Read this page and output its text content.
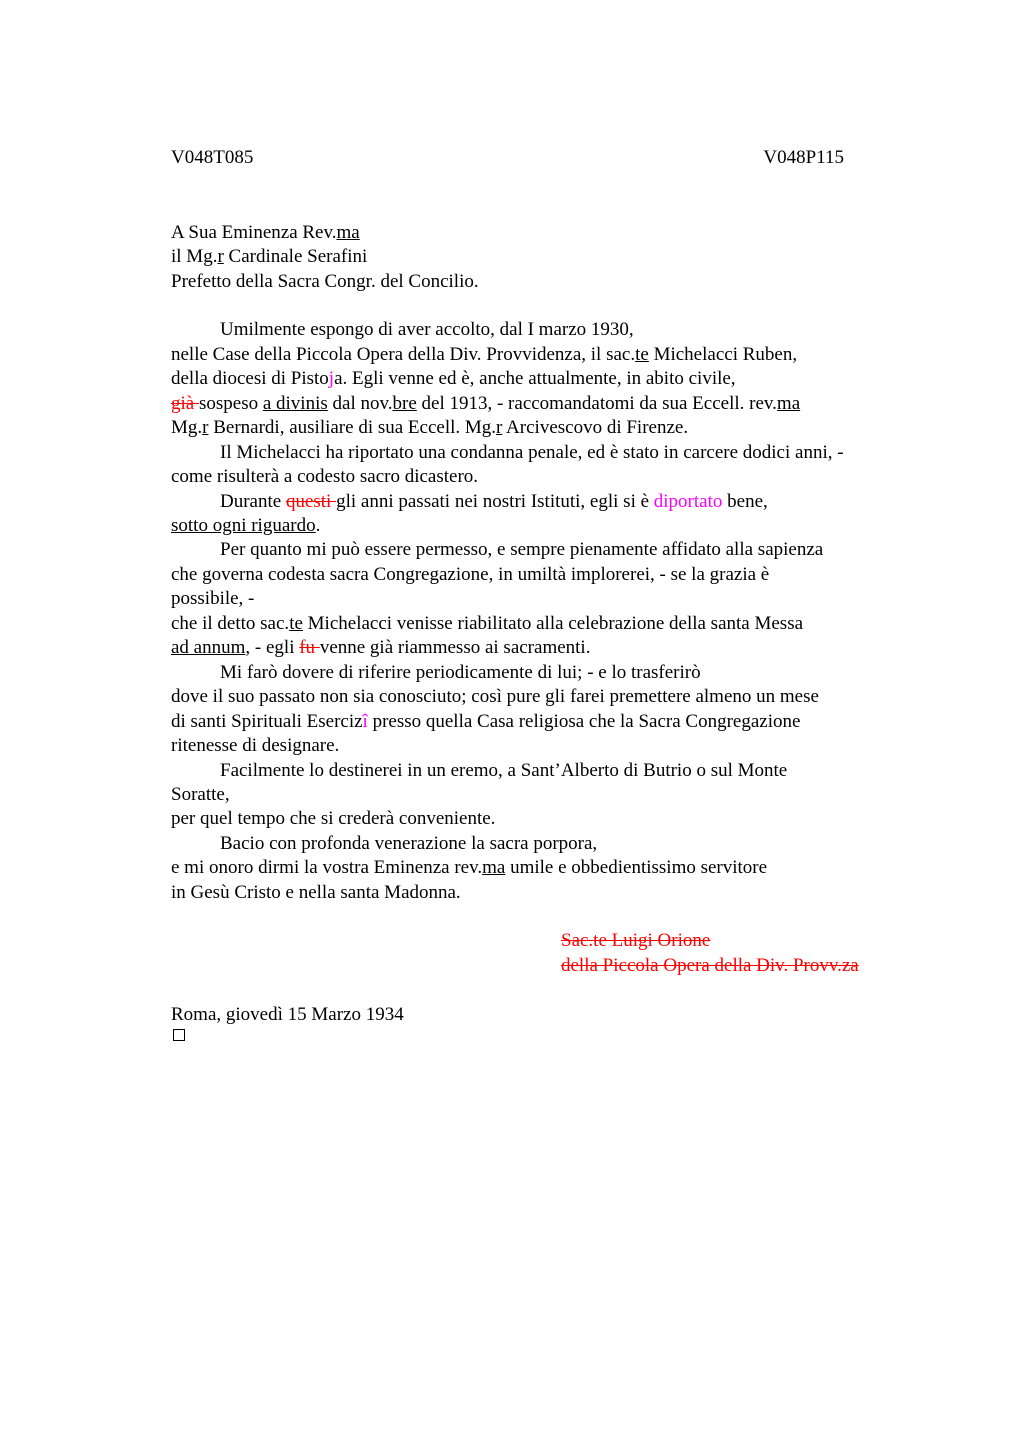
V048T085	V048P115
A Sua Eminenza Rev.ma
il Mg.r Cardinale Serafini
Prefetto della Sacra Congr. del Concilio.
Umilmente espongo di aver accolto, dal I marzo 1930,
nelle Case della Piccola Opera della Div. Provvidenza, il sac.te Michelacci Ruben,
della diocesi di Pistoja. Egli venne ed è, anche attualmente, in abito civile,
già sospeso a divinis dal nov.bre del 1913, - raccomandatomi da sua Eccell. rev.ma
Mg.r Bernardi, ausiliare di sua Eccell. Mg.r Arcivescovo di Firenze.
Il Michelacci ha riportato una condanna penale, ed è stato in carcere dodici anni, -
come risulterà a codesto sacro dicastero.
Durante questi gli anni passati nei nostri Istituti, egli si è diportato bene,
sotto ogni riguardo.
Per quanto mi può essere permesso, e sempre pienamente affidato alla sapienza
che governa codesta sacra Congregazione, in umiltà implorerei, - se la grazia è
possibile, -
che il detto sac.te Michelacci venisse riabilitato alla celebrazione della santa Messa
ad annum, - egli fu venne già riammesso ai sacramenti.
Mi farò dovere di riferire periodicamente di lui; - e lo trasferirò
dove il suo passato non sia conosciuto; così pure gli farei premettere almeno un mese
di santi Spirituali Esercizî presso quella Casa religiosa che la Sacra Congregazione
ritenesse di designare.
Facilmente lo destinerei in un eremo, a Sant’Alberto di Butrio o sul Monte
Soratte,
per quel tempo che si crederà conveniente.
Bacio con profonda venerazione la sacra porpora,
e mi onoro dirmi la vostra Eminenza rev.ma umile e obbedientissimo servitore
in Gesù Cristo e nella santa Madonna.
Sac.te Luigi Orione
della Piccola Opera della Div. Provv.za
Roma, giovedì 15 Marzo 1934
